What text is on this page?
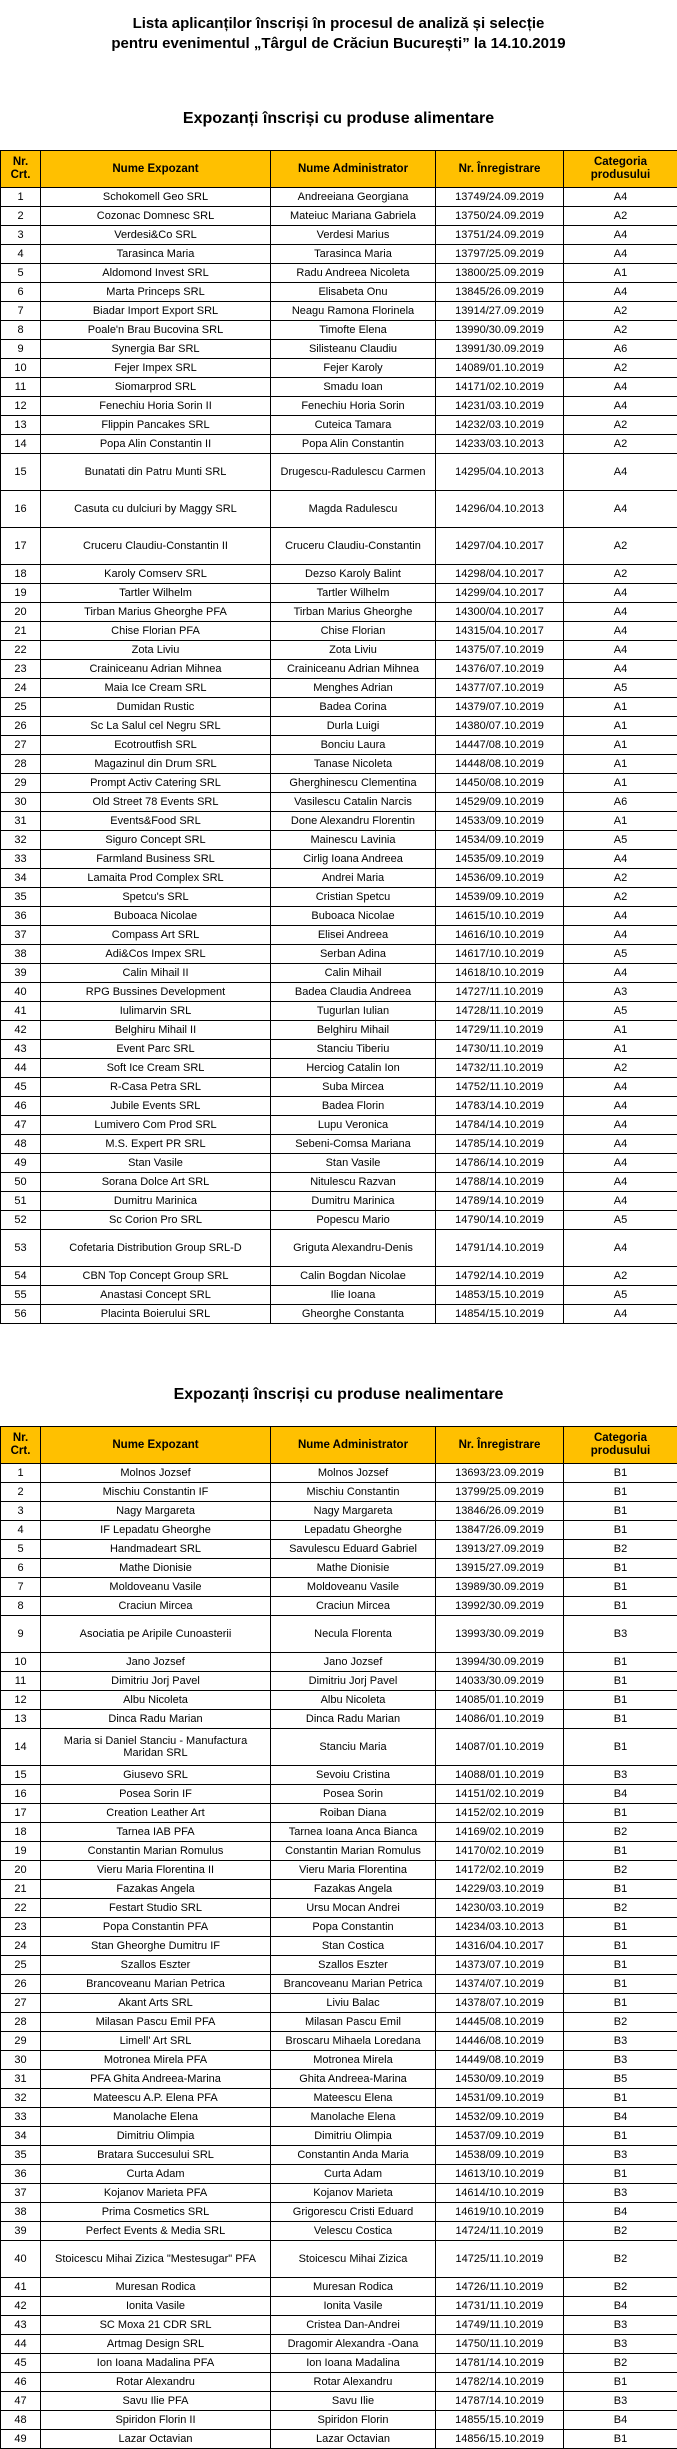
Lista aplicanților înscriși în procesul de analiză și selecție
pentru evenimentul „Târgul de Crăciun București” la 14.10.2019
Expozanți înscriși cu produse alimentare
Nr. Crt.	Nume Expozant	Nume Administrator	Nr. Înregistrare	Categoria produsului
1	Schokomell Geo SRL	Andreeiana Georgiana	13749/24.09.2019	A4
2	Cozonac Domnesc SRL	Mateiuc Mariana Gabriela	13750/24.09.2019	A2
3	Verdesi&Co SRL	Verdesi Marius	13751/24.09.2019	A4
4	Tarasinca Maria	Tarasinca Maria	13797/25.09.2019	A4
5	Aldomond Invest SRL	Radu Andreea Nicoleta	13800/25.09.2019	A1
6	Marta Princeps SRL	Elisabeta Onu	13845/26.09.2019	A4
7	Biadar Import Export SRL	Neagu Ramona Florinela	13914/27.09.2019	A2
8	Poale'n Brau Bucovina SRL	Timofte Elena	13990/30.09.2019	A2
9	Synergia Bar SRL	Silisteanu Claudiu	13991/30.09.2019	A6
10	Fejer Impex SRL	Fejer Karoly	14089/01.10.2019	A2
11	Siomarprod SRL	Smadu Ioan	14171/02.10.2019	A4
12	Fenechiu Horia Sorin II	Fenechiu Horia Sorin	14231/03.10.2019	A4
13	Flippin Pancakes SRL	Cuteica Tamara	14232/03.10.2019	A2
14	Popa Alin Constantin II	Popa Alin Constantin	14233/03.10.2013	A2
15	Bunatati din Patru Munti SRL	Drugescu-Radulescu Carmen	14295/04.10.2013	A4
16	Casuta cu dulciuri by Maggy SRL	Magda Radulescu	14296/04.10.2013	A4
17	Cruceru Claudiu-Constantin II	Cruceru Claudiu-Constantin	14297/04.10.2017	A2
18	Karoly Comserv SRL	Dezso Karoly Balint	14298/04.10.2017	A2
19	Tartler Wilhelm	Tartler Wilhelm	14299/04.10.2017	A4
20	Tirban Marius Gheorghe PFA	Tirban Marius Gheorghe	14300/04.10.2017	A4
21	Chise Florian PFA	Chise Florian	14315/04.10.2017	A4
22	Zota Liviu	Zota Liviu	14375/07.10.2019	A4
23	Crainiceanu Adrian Mihnea	Crainiceanu Adrian Mihnea	14376/07.10.2019	A4
24	Maia Ice Cream SRL	Menghes Adrian	14377/07.10.2019	A5
25	Dumidan Rustic	Badea Corina	14379/07.10.2019	A1
26	Sc La Salul cel Negru SRL	Durla Luigi	14380/07.10.2019	A1
27	Ecotroutfish SRL	Bonciu Laura	14447/08.10.2019	A1
28	Magazinul din Drum SRL	Tanase Nicoleta	14448/08.10.2019	A1
29	Prompt Activ Catering SRL	Gherghinescu Clementina	14450/08.10.2019	A1
30	Old Street 78 Events SRL	Vasilescu Catalin Narcis	14529/09.10.2019	A6
31	Events&Food SRL	Done Alexandru Florentin	14533/09.10.2019	A1
32	Siguro Concept SRL	Mainescu Lavinia	14534/09.10.2019	A5
33	Farmland Business SRL	Cirlig Ioana Andreea	14535/09.10.2019	A4
34	Lamaita Prod Complex SRL	Andrei Maria	14536/09.10.2019	A2
35	Spetcu's SRL	Cristian Spetcu	14539/09.10.2019	A2
36	Buboaca Nicolae	Buboaca Nicolae	14615/10.10.2019	A4
37	Compass Art SRL	Elisei Andreea	14616/10.10.2019	A4
38	Adi&Cos Impex SRL	Serban Adina	14617/10.10.2019	A5
39	Calin Mihail II	Calin Mihail	14618/10.10.2019	A4
40	RPG Bussines Development	Badea Claudia Andreea	14727/11.10.2019	A3
41	Iulimarvin SRL	Tugurlan Iulian	14728/11.10.2019	A5
42	Belghiru Mihail II	Belghiru Mihail	14729/11.10.2019	A1
43	Event Parc SRL	Stanciu Tiberiu	14730/11.10.2019	A1
44	Soft Ice Cream SRL	Herciog Catalin Ion	14732/11.10.2019	A2
45	R-Casa Petra SRL	Suba Mircea	14752/11.10.2019	A4
46	Jubile Events SRL	Badea Florin	14783/14.10.2019	A4
47	Lumivero Com Prod SRL	Lupu Veronica	14784/14.10.2019	A4
48	M.S. Expert PR SRL	Sebeni-Comsa Mariana	14785/14.10.2019	A4
49	Stan Vasile	Stan Vasile	14786/14.10.2019	A4
50	Sorana Dolce Art SRL	Nitulescu Razvan	14788/14.10.2019	A4
51	Dumitru Marinica	Dumitru Marinica	14789/14.10.2019	A4
52	Sc Corion Pro SRL	Popescu Mario	14790/14.10.2019	A5
53	Cofetaria Distribution Group SRL-D	Griguta Alexandru-Denis	14791/14.10.2019	A4
54	CBN Top Concept Group SRL	Calin Bogdan Nicolae	14792/14.10.2019	A2
55	Anastasi Concept SRL	Ilie Ioana	14853/15.10.2019	A5
56	Placinta Boierului SRL	Gheorghe Constanta	14854/15.10.2019	A4
Expozanți înscriși cu produse nealimentare
Nr. Crt.	Nume Expozant	Nume Administrator	Nr. Înregistrare	Categoria produsului
1	Molnos Jozsef	Molnos Jozsef	13693/23.09.2019	B1
2	Mischiu Constantin IF	Mischiu Constantin	13799/25.09.2019	B1
3	Nagy Margareta	Nagy Margareta	13846/26.09.2019	B1
4	IF Lepadatu Gheorghe	Lepadatu Gheorghe	13847/26.09.2019	B1
5	Handmadeart SRL	Savulescu Eduard Gabriel	13913/27.09.2019	B2
6	Mathe Dionisie	Mathe Dionisie	13915/27.09.2019	B1
7	Moldoveanu Vasile	Moldoveanu Vasile	13989/30.09.2019	B1
8	Craciun Mircea	Craciun Mircea	13992/30.09.2019	B1
9	Asociatia pe Aripile Cunoasterii	Necula Florenta	13993/30.09.2019	B3
10	Jano Jozsef	Jano Jozsef	13994/30.09.2019	B1
11	Dimitriu Jorj Pavel	Dimitriu Jorj Pavel	14033/30.09.2019	B1
12	Albu Nicoleta	Albu Nicoleta	14085/01.10.2019	B1
13	Dinca Radu Marian	Dinca Radu Marian	14086/01.10.2019	B1
14	Maria si Daniel Stanciu - Manufactura Maridan SRL	Stanciu Maria	14087/01.10.2019	B1
15	Giusevo SRL	Sevoiu Cristina	14088/01.10.2019	B3
16	Posea Sorin IF	Posea Sorin	14151/02.10.2019	B4
17	Creation Leather Art	Roiban Diana	14152/02.10.2019	B1
18	Tarnea IAB PFA	Tarnea Ioana Anca Bianca	14169/02.10.2019	B2
19	Constantin Marian Romulus	Constantin Marian Romulus	14170/02.10.2019	B1
20	Vieru Maria Florentina II	Vieru Maria Florentina	14172/02.10.2019	B2
21	Fazakas Angela	Fazakas Angela	14229/03.10.2019	B1
22	Festart Studio SRL	Ursu Mocan Andrei	14230/03.10.2019	B2
23	Popa Constantin PFA	Popa Constantin	14234/03.10.2013	B1
24	Stan Gheorghe Dumitru IF	Stan Costica	14316/04.10.2017	B1
25	Szallos Eszter	Szallos Eszter	14373/07.10.2019	B1
26	Brancoveanu Marian Petrica	Brancoveanu Marian Petrica	14374/07.10.2019	B1
27	Akant Arts SRL	Liviu Balac	14378/07.10.2019	B1
28	Milasan Pascu Emil PFA	Milasan Pascu Emil	14445/08.10.2019	B2
29	Limell' Art SRL	Broscaru Mihaela Loredana	14446/08.10.2019	B3
30	Motronea Mirela PFA	Motronea Mirela	14449/08.10.2019	B3
31	PFA Ghita Andreea-Marina	Ghita Andreea-Marina	14530/09.10.2019	B5
32	Mateescu A.P. Elena PFA	Mateescu Elena	14531/09.10.2019	B1
33	Manolache Elena	Manolache Elena	14532/09.10.2019	B4
34	Dimitriu Olimpia	Dimitriu Olimpia	14537/09.10.2019	B1
35	Bratara Succesului SRL	Constantin Anda Maria	14538/09.10.2019	B3
36	Curta Adam	Curta Adam	14613/10.10.2019	B1
37	Kojanov Marieta PFA	Kojanov Marieta	14614/10.10.2019	B3
38	Prima Cosmetics SRL	Grigorescu Cristi Eduard	14619/10.10.2019	B4
39	Perfect Events & Media SRL	Velescu Costica	14724/11.10.2019	B2
40	Stoicescu Mihai Zizica "Mestesugar" PFA	Stoicescu Mihai Zizica	14725/11.10.2019	B2
41	Muresan Rodica	Muresan Rodica	14726/11.10.2019	B2
42	Ionita Vasile	Ionita Vasile	14731/11.10.2019	B4
43	SC Moxa 21 CDR SRL	Cristea Dan-Andrei	14749/11.10.2019	B3
44	Artmag Design SRL	Dragomir Alexandra -Oana	14750/11.10.2019	B3
45	Ion Ioana Madalina PFA	Ion Ioana Madalina	14781/14.10.2019	B2
46	Rotar Alexandru	Rotar Alexandru	14782/14.10.2019	B1
47	Savu Ilie PFA	Savu Ilie	14787/14.10.2019	B3
48	Spiridon Florin II	Spiridon Florin	14855/15.10.2019	B4
49	Lazar Octavian	Lazar Octavian	14856/15.10.2019	B1
